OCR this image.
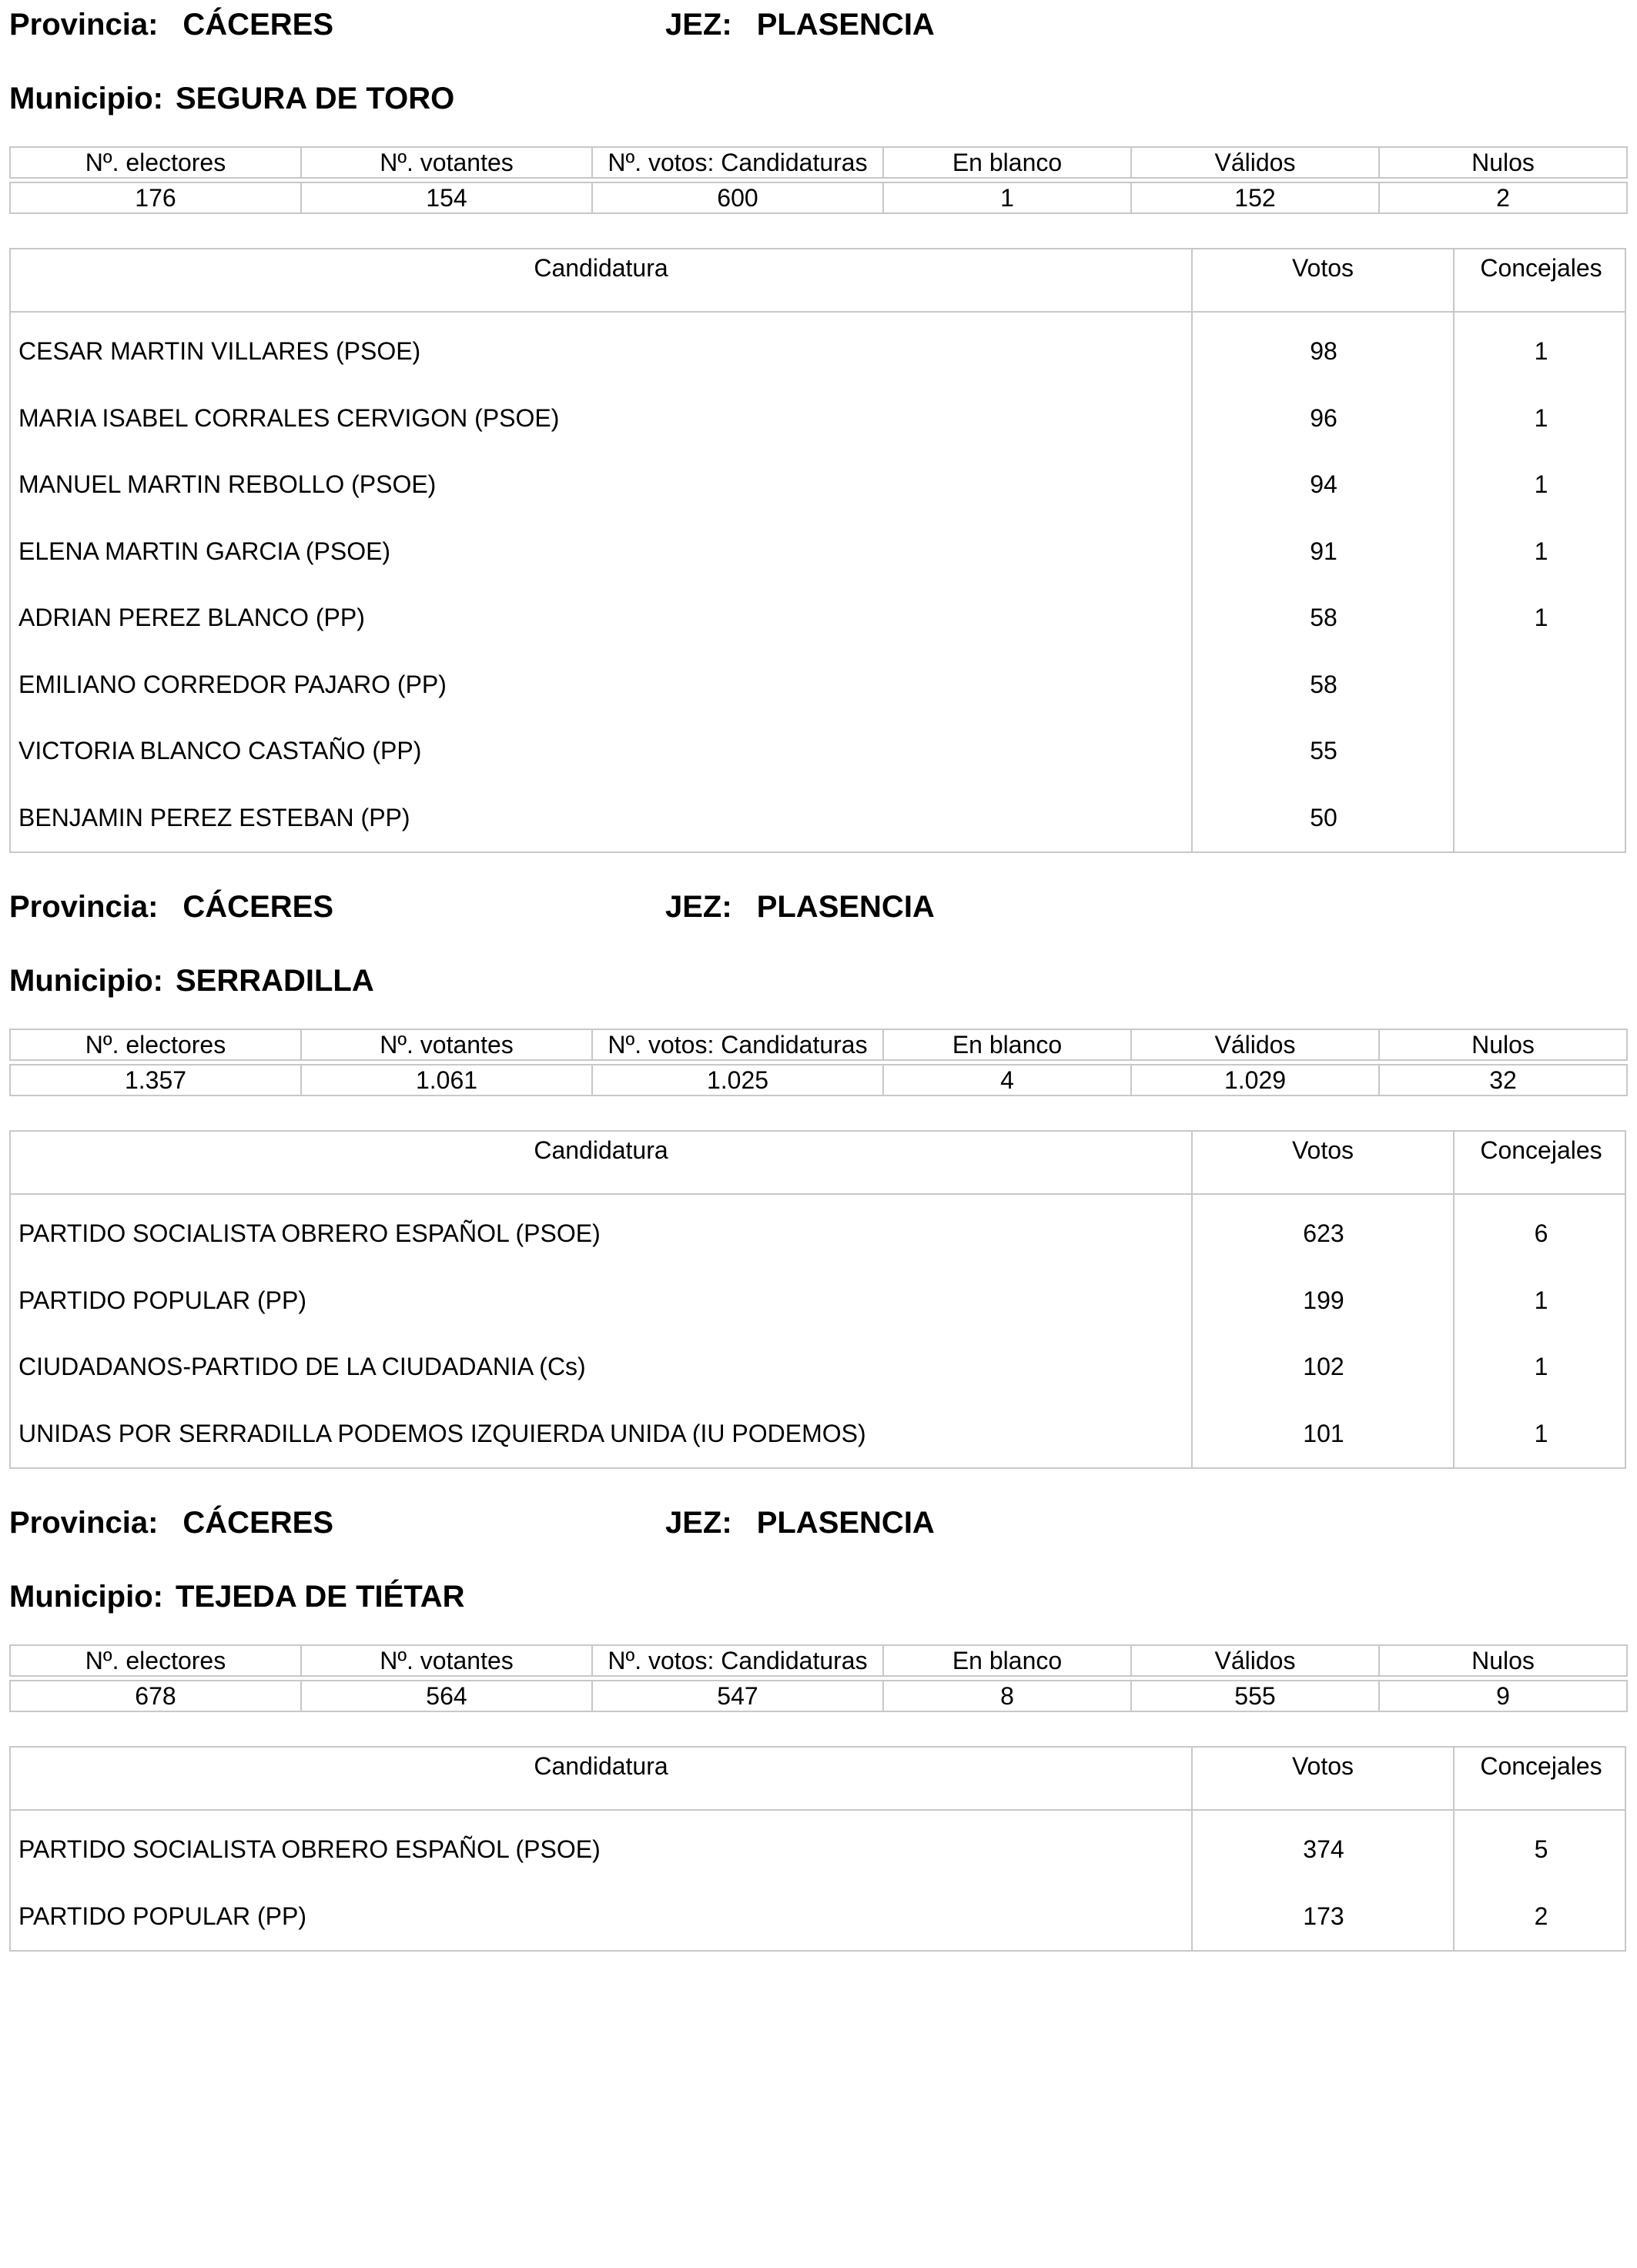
Provincia: CÁCERES	JEZ: PLASENCIA
Municipio: SEGURA DE TORO
Nº. electores	Nº. votantes	Nº. votos: Candidaturas	En blanco	Válidos	Nulos

176	154	600	1	152	2
Candidatura	Votos	Concejales
CESAR MARTIN VILLARES (PSOE)	98	1
MARIA ISABEL CORRALES CERVIGON (PSOE)	96	1
MANUEL MARTIN REBOLLO (PSOE)	94	1
ELENA MARTIN GARCIA (PSOE)	91	1
ADRIAN PEREZ BLANCO (PP)	58	1
EMILIANO CORREDOR PAJARO (PP)	58
VICTORIA BLANCO CASTAÑO (PP)	55
BENJAMIN PEREZ ESTEBAN (PP)	50
Provincia: CÁCERES	JEZ: PLASENCIA
Municipio: SERRADILLA
Nº. electores	Nº. votantes	Nº. votos: Candidaturas	En blanco	Válidos	Nulos

1.357	1.061	1.025	4	1.029	32
Candidatura	Votos	Concejales
PARTIDO SOCIALISTA OBRERO ESPAÑOL (PSOE)	623	6
PARTIDO POPULAR (PP)	199	1
CIUDADANOS-PARTIDO DE LA CIUDADANIA (Cs)	102	1
UNIDAS POR SERRADILLA PODEMOS IZQUIERDA UNIDA (IU PODEMOS)	101	1
Provincia: CÁCERES	JEZ: PLASENCIA
Municipio: TEJEDA DE TIÉTAR
Nº. electores	Nº. votantes	Nº. votos: Candidaturas	En blanco	Válidos	Nulos

678	564	547	8	555	9
Candidatura	Votos	Concejales
PARTIDO SOCIALISTA OBRERO ESPAÑOL (PSOE)	374	5
PARTIDO POPULAR (PP)	173	2
